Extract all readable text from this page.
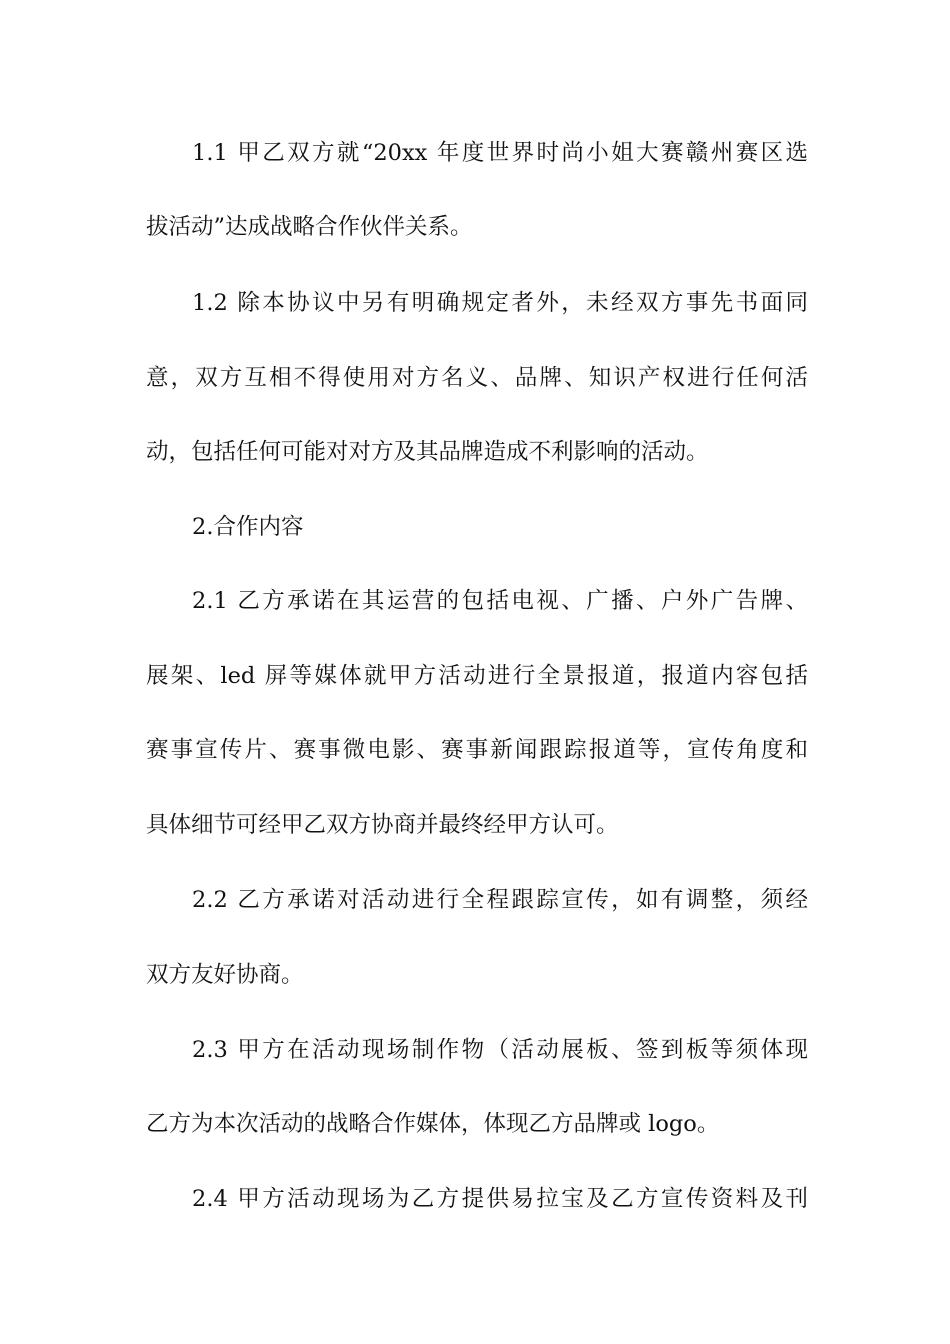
1.1 甲乙双方就“20xx 年度世界时尚小姐大赛赣州赛区选
拔活动”达成战略合作伙伴关系。
1.2 除本协议中另有明确规定者外，未经双方事先书面同
意，双方互相不得使用对方名义、品牌、知识产权进行任何活
动，包括任何可能对对方及其品牌造成不利影响的活动。
2.合作内容
2.1 乙方承诺在其运营的包括电视、广播、户外广告牌、
展架、led 屏等媒体就甲方活动进行全景报道，报道内容包括
赛事宣传片、赛事微电影、赛事新闻跟踪报道等，宣传角度和
具体细节可经甲乙双方协商并最终经甲方认可。
2.2 乙方承诺对活动进行全程跟踪宣传，如有调整，须经
双方友好协商。
2.3 甲方在活动现场制作物（活动展板、签到板等须体现
乙方为本次活动的战略合作媒体，体现乙方品牌或 logo。
2.4 甲方活动现场为乙方提供易拉宝及乙方宣传资料及刊
